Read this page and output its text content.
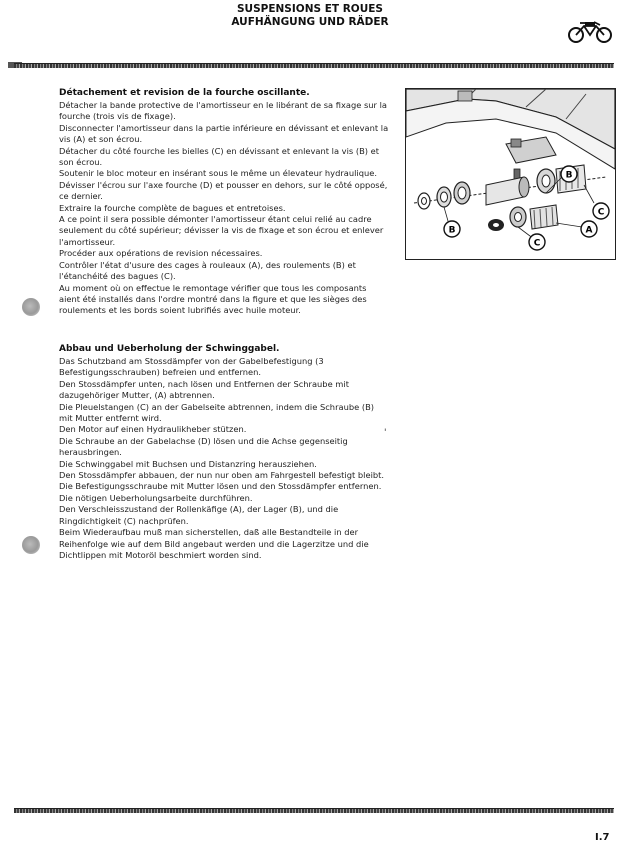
SUSPENSIONS ET ROUES
AUFHÄNGUNG UND RÄDER
Détachement et revision de la fourche oscillante.

Détacher la bande protective de l'amortisseur en le libérant de sa fixage sur la fourche (trois vis de fixage).

Disconnecter l'amortisseur dans la partie inférieure en dévissant et enlevant la vis (A) et son écrou.

Détacher du côté fourche les bielles (C) en dévissant et enlevant la vis (B) et son écrou.

Soutenir le bloc moteur en insérant sous le même un élevateur hydraulique.

Dévisser l'écrou sur l'axe fourche (D) et pousser en dehors, sur le côté opposé, ce dernier.

Extraire la fourche complète de bagues et entretoises.

A ce point il sera possible démonter l'amortisseur étant celui relié au cadre seulement du côté supérieur; dévisser la vis de fixage et son écrou et enlever l'amortisseur.

Procéder aux opérations de revision nécessaires.

Contrôler l'état d'usure des cages à rouleaux (A), des roulements (B) et l'étanchéité des bagues (C).

Au moment où on effectue le remontage vérifier que tous les composants aient été installés dans l'ordre montré dans la figure et que les sièges des roulements et les bords soient lubrifiés avec huile moteur.

B
B
C
C
A
Abbau und Ueberholung der Schwinggabel.

Das Schutzband am Stossdämpfer von der Gabelbefestigung (3 Befestigungsschrauben) befreien und entfernen.

Den Stossdämpfer unten, nach lösen und Entfernen der Schraube mit dazugehöriger Mutter, (A) abtrennen.

Die Pleuelstangen (C) an der Gabelseite abtrennen, indem die Schraube (B) mit Mutter entfernt wird.

Den Motor auf einen Hydraulikheber stützen.

Die Schraube an der Gabelachse (D) lösen und die Achse gegenseitig herausbringen.

Die Schwinggabel mit Buchsen und Distanzring herausziehen.

Den Stossdämpfer abbauen, der nun nur oben am Fahrgestell befestigt bleibt.

Die Befestigungsschraube mit Mutter lösen und den Stossdämpfer entfernen.

Die nötigen Ueberholungsarbeite durchführen.

Den Verschleisszustand der Rollenkäfige (A), der Lager (B), und die Ringdichtigkeit (C) nachprüfen.

Beim Wiederaufbau muß man sicherstellen, daß alle Bestandteile in der Reihenfolge wie auf dem Bild angebaut werden und die Lagerzitze und die Dichtlippen mit Motoröl beschmiert worden sind.

'
I.7
